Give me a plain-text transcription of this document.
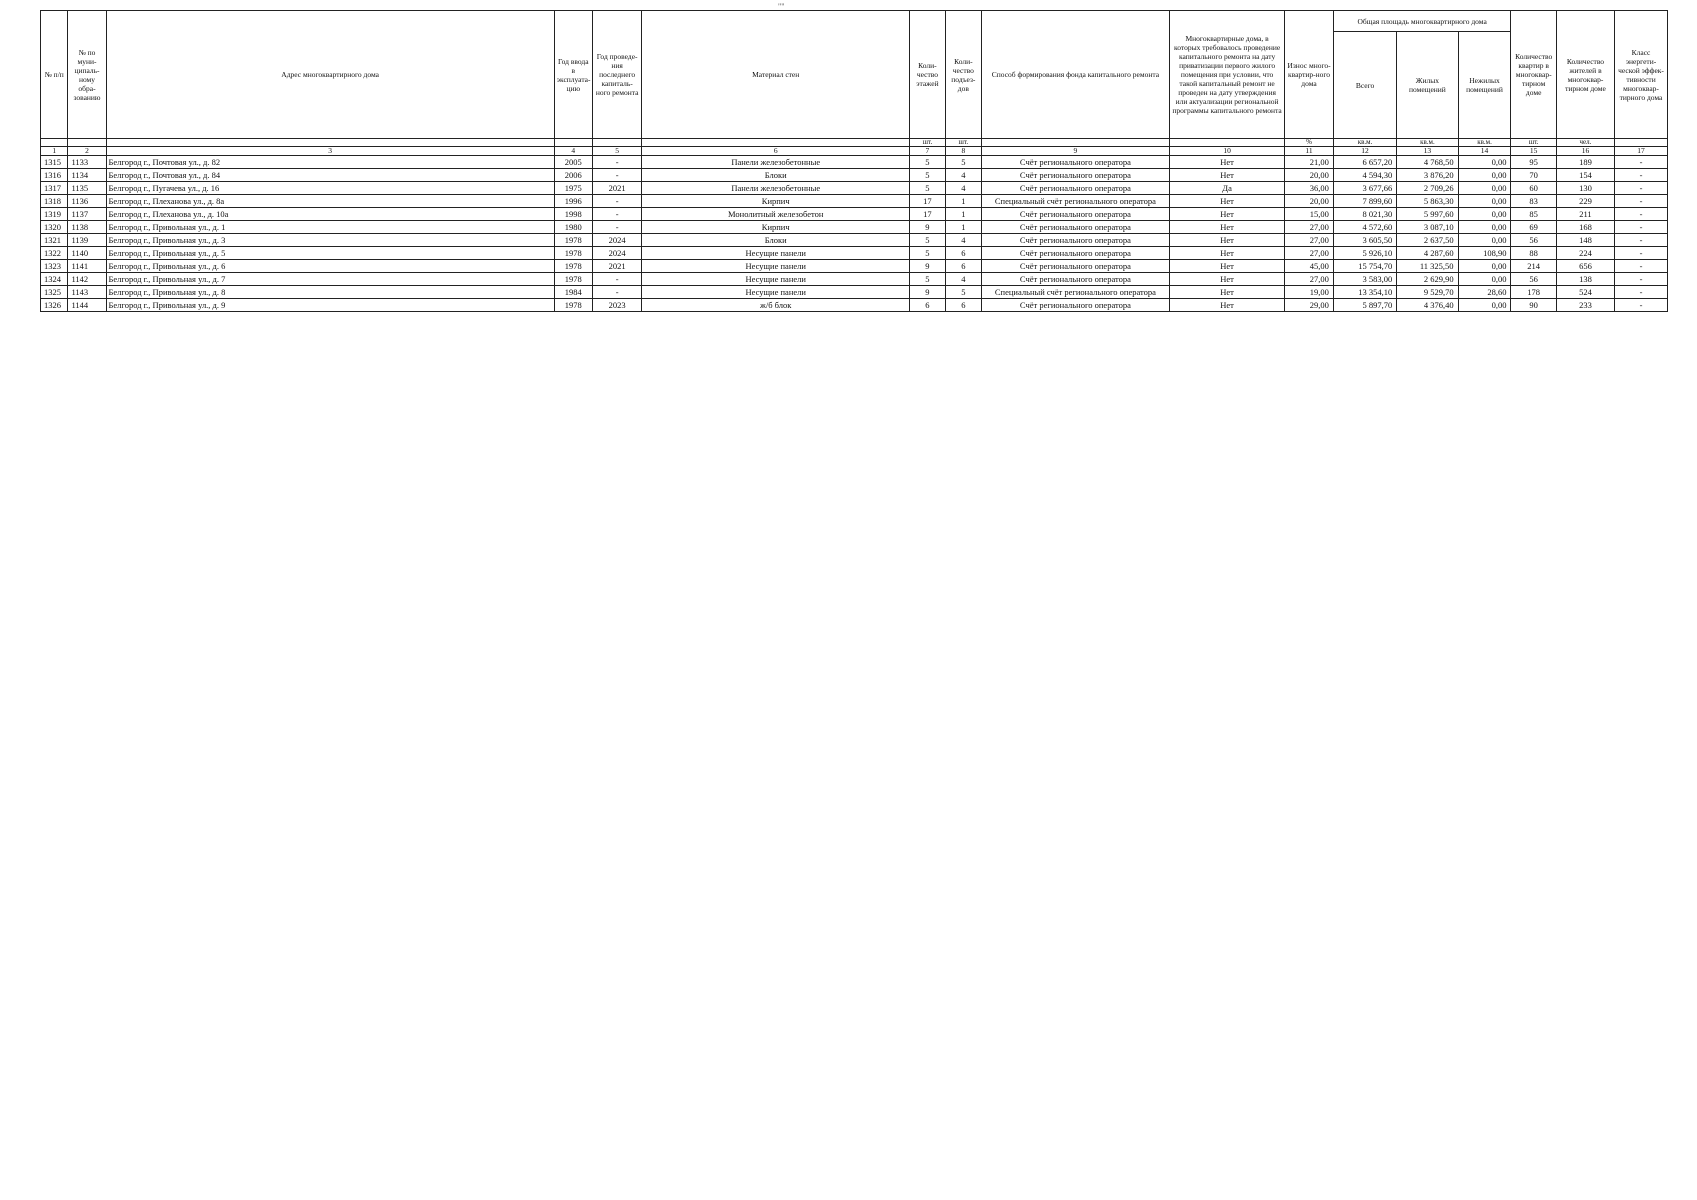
""
№ п/п	№ по муни-ципаль-ному обра-зованию	Адрес многоквартирного дома	Год ввода в эксплуата-цию	Год проведе-ния последнего капиталь-ного ремонта	Материал стен	Коли-чество этажей	Коли-чество подъез-дов	Способ формирования фонда капитального ремонта	Многоквартирные дома, в которых требовалось проведение капитального ремонта на дату приватизации первого жилого помещения при условии, что такой капитальный ремонт не проведен на дату утверждения или актуализации региональной программы капитального ремонта	Износ много-квартир-ного дома	Общая площадь многоквартирного дома			Количество квартир в многоквар-тирном доме	Количество жителей в многоквар-тирном доме	Класс энергети-ческой эффек-тивности многоквар-тирного дома
											Всего	Жилых помещений	Нежилых помещений			
						шт.	шт.			%	кв.м.	кв.м.	кв.м.	шт.	чел.	
1	2	3	4	5	6	7	8	9	10	11	12	13	14	15	16	17
1315	1133	Белгород г., Почтовая ул., д. 82	2005	-	Панели железобетонные	5	5	Счёт регионального оператора	Нет	21,00	6 657,20	4 768,50	0,00	95	189	-
1316	1134	Белгород г., Почтовая ул., д. 84	2006	-	Блоки	5	4	Счёт регионального оператора	Нет	20,00	4 594,30	3 876,20	0,00	70	154	-
1317	1135	Белгород г., Пугачева ул., д. 16	1975	2021	Панели железобетонные	5	4	Счёт регионального оператора	Да	36,00	3 677,66	2 709,26	0,00	60	130	-
1318	1136	Белгород г., Плеханова ул., д. 8а	1996	-	Кирпич	17	1	Специальный счёт регионального оператора	Нет	20,00	7 899,60	5 863,30	0,00	83	229	-
1319	1137	Белгород г., Плеханова ул., д. 10а	1998	-	Монолитный железобетон	17	1	Счёт регионального оператора	Нет	15,00	8 021,30	5 997,60	0,00	85	211	-
1320	1138	Белгород г., Привольная ул., д. 1	1980	-	Кирпич	9	1	Счёт регионального оператора	Нет	27,00	4 572,60	3 087,10	0,00	69	168	-
1321	1139	Белгород г., Привольная ул., д. 3	1978	2024	Блоки	5	4	Счёт регионального оператора	Нет	27,00	3 605,50	2 637,50	0,00	56	148	-
1322	1140	Белгород г., Привольная ул., д. 5	1978	2024	Несущие панели	5	6	Счёт регионального оператора	Нет	27,00	5 926,10	4 287,60	108,90	88	224	-
1323	1141	Белгород г., Привольная ул., д. 6	1978	2021	Несущие панели	9	6	Счёт регионального оператора	Нет	45,00	15 754,70	11 325,50	0,00	214	656	-
1324	1142	Белгород г., Привольная ул., д. 7	1978	-	Несущие панели	5	4	Счёт регионального оператора	Нет	27,00	3 583,00	2 629,90	0,00	56	138	-
1325	1143	Белгород г., Привольная ул., д. 8	1984	-	Несущие панели	9	5	Специальный счёт регионального оператора	Нет	19,00	13 354,10	9 529,70	28,60	178	524	-
1326	1144	Белгород г., Привольная ул., д. 9	1978	2023	ж/б блок	6	6	Счёт регионального оператора	Нет	29,00	5 897,70	4 376,40	0,00	90	233	-
